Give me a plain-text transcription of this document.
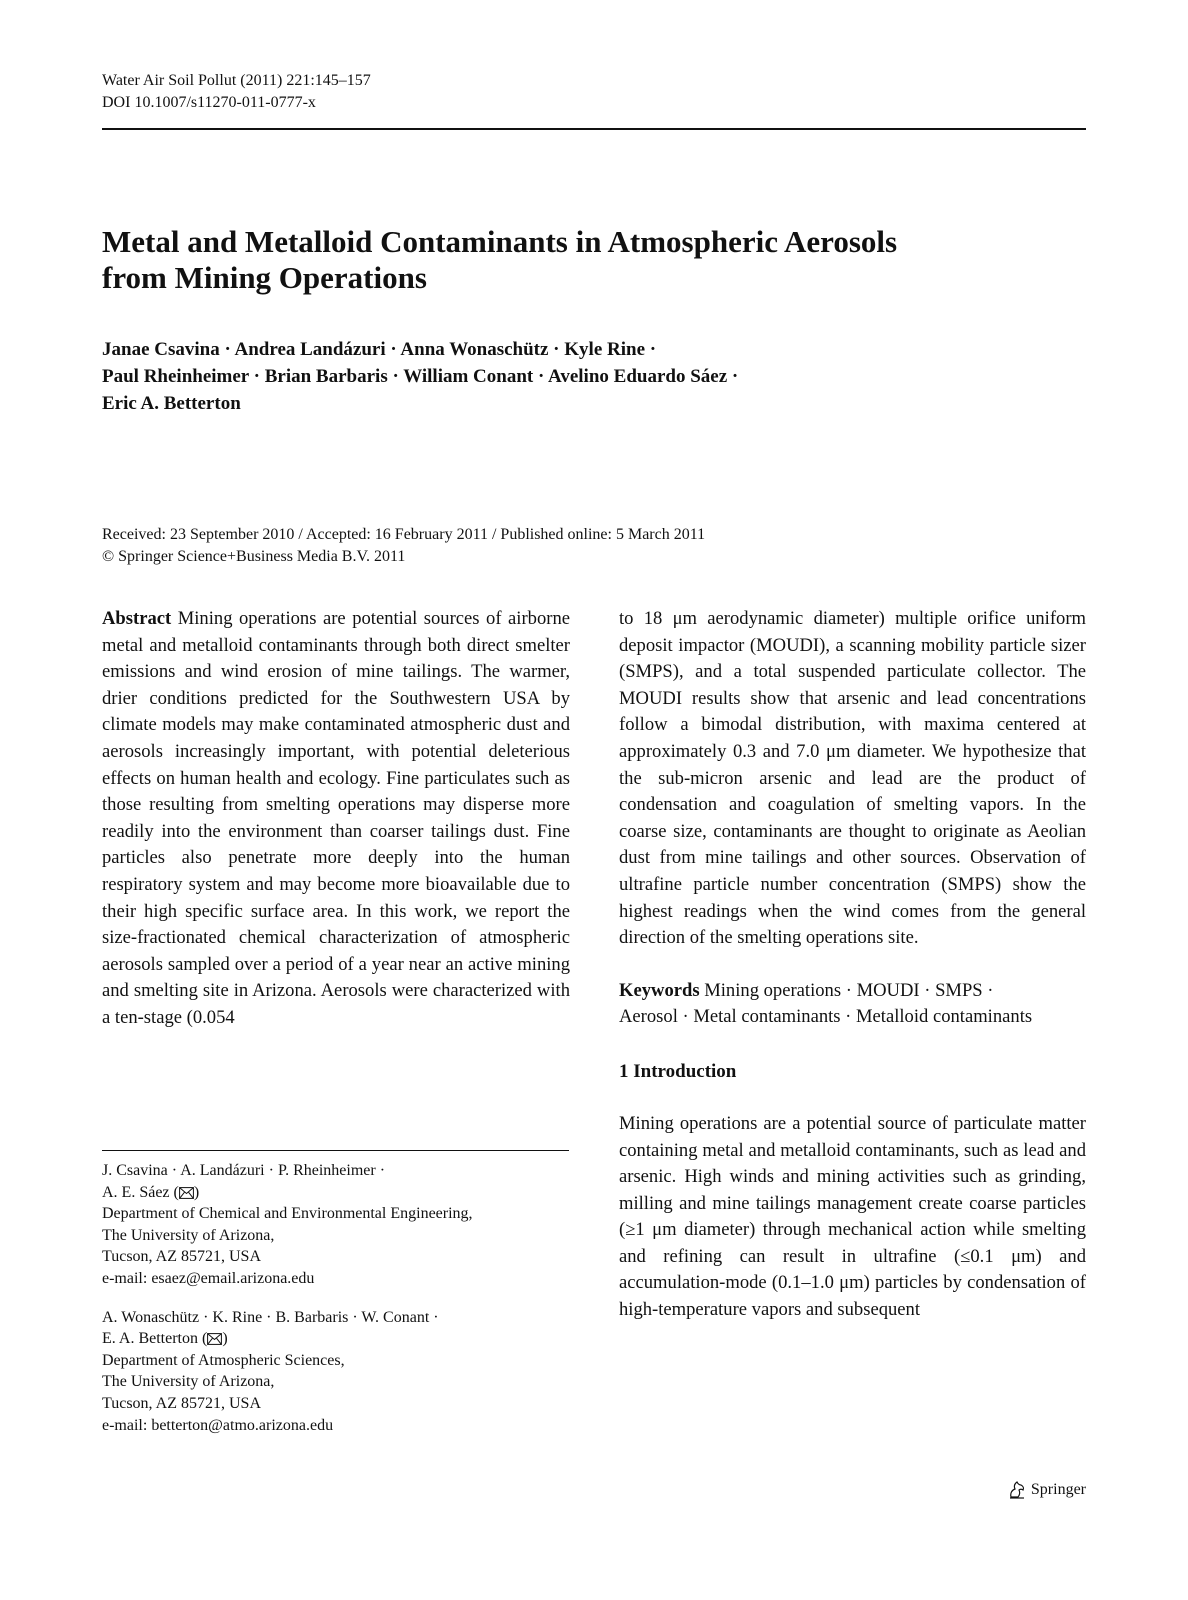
Water Air Soil Pollut (2011) 221:145–157
DOI 10.1007/s11270-011-0777-x
Metal and Metalloid Contaminants in Atmospheric Aerosols
from Mining Operations

Janae Csavina · Andrea Landázuri · Anna Wonaschütz · Kyle Rine ·
Paul Rheinheimer · Brian Barbaris · William Conant · Avelino Eduardo Sáez ·
Eric A. Betterton

Received: 23 September 2010 / Accepted: 16 February 2011 / Published online: 5 March 2011
© Springer Science+Business Media B.V. 2011

Abstract Mining operations are potential sources of airborne metal and metalloid contaminants through both direct smelter emissions and wind erosion of mine tailings. The warmer, drier conditions predicted for the Southwestern USA by climate models may make contaminated atmospheric dust and aerosols increasingly important, with potential deleterious effects on human health and ecology. Fine particulates such as those resulting from smelting operations may disperse more readily into the environment than coarser tailings dust. Fine particles also penetrate more deeply into the human respiratory system and may become more bioavailable due to their high specific surface area. In this work, we report the size-fractionated chemical characterization of atmospheric aerosols sampled over a period of a year near an active mining and smelting site in Arizona. Aerosols were characterized with a ten-stage (0.054

to 18 μm aerodynamic diameter) multiple orifice uniform deposit impactor (MOUDI), a scanning mobility particle sizer (SMPS), and a total suspended particulate collector. The MOUDI results show that arsenic and lead concentrations follow a bimodal distribution, with maxima centered at approximately 0.3 and 7.0 μm diameter. We hypothesize that the sub-micron arsenic and lead are the product of condensation and coagulation of smelting vapors. In the coarse size, contaminants are thought to originate as Aeolian dust from mine tailings and other sources. Observation of ultrafine particle number concentration (SMPS) show the highest readings when the wind comes from the general direction of the smelting operations site.

Keywords Mining operations · MOUDI · SMPS ·
Aerosol · Metal contaminants · Metalloid contaminants

1 Introduction

Mining operations are a potential source of particulate matter containing metal and metalloid contaminants, such as lead and arsenic. High winds and mining activities such as grinding, milling and mine tailings management create coarse particles (≥1 μm diameter) through mechanical action while smelting and refining can result in ultrafine (≤0.1 μm) and accumulation-mode (0.1–1.0 μm) particles by condensation of high-temperature vapors and subsequent

J. Csavina · A. Landázuri · P. Rheinheimer ·
A. E. Sáez ( )
Department of Chemical and Environmental Engineering,
The University of Arizona,
Tucson, AZ 85721, USA
e-mail: esaez@email.arizona.edu
A. Wonaschütz · K. Rine · B. Barbaris · W. Conant ·
E. A. Betterton ( )
Department of Atmospheric Sciences,
The University of Arizona,
Tucson, AZ 85721, USA
e-mail: betterton@atmo.arizona.edu
Springer
